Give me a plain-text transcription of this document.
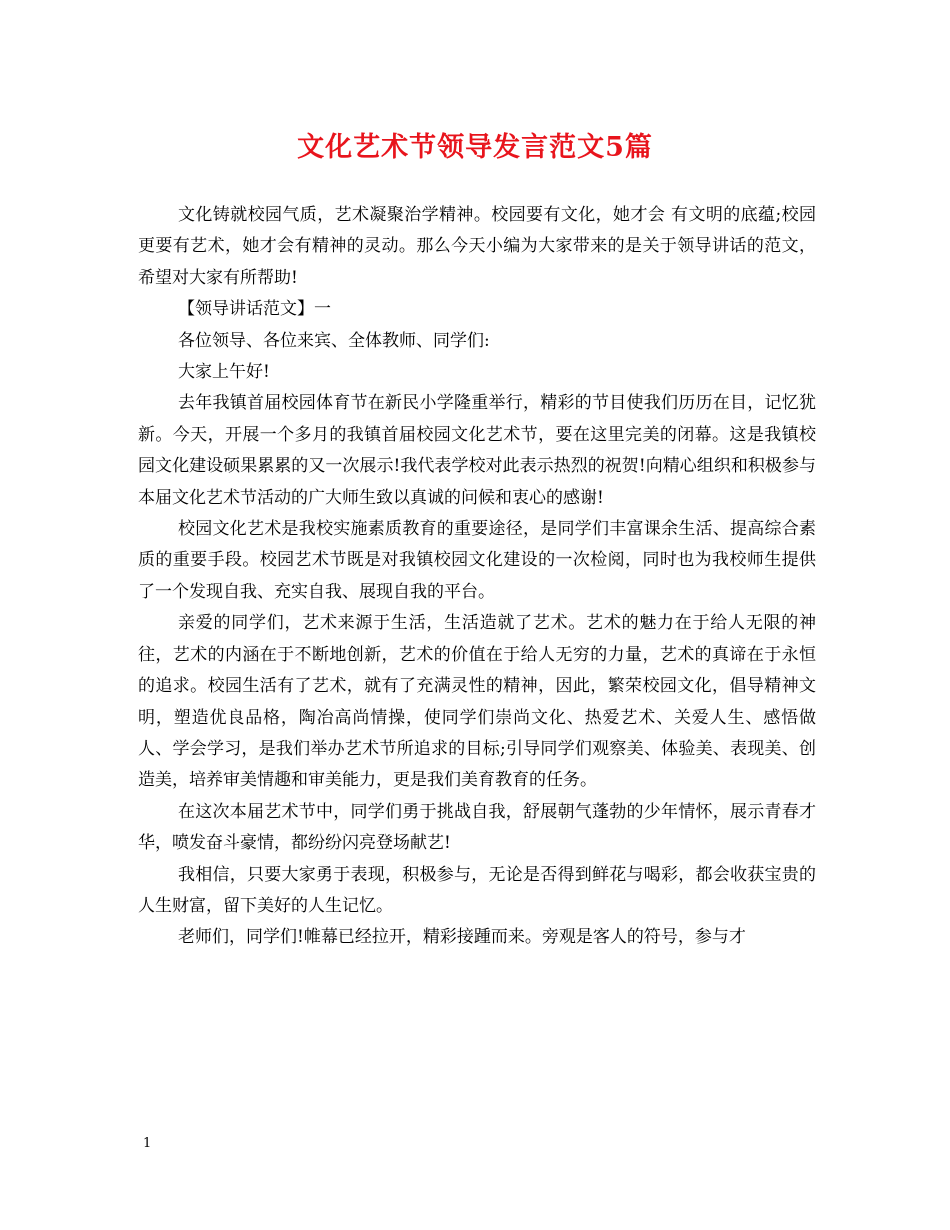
文化艺术节领导发言范文5篇

文化铸就校园气质，艺术凝聚治学精神。校园要有文化，她才会 有文明的底蕴;校园更要有艺术，她才会有精神的灵动。那么今天小编为大家带来的是关于领导讲话的范文，希望对大家有所帮助!

【领导讲话范文】一

各位领导、各位来宾、全体教师、同学们:

大家上午好!

去年我镇首届校园体育节在新民小学隆重举行，精彩的节目使我们历历在目，记忆犹新。今天，开展一个多月的我镇首届校园文化艺术节，要在这里完美的闭幕。这是我镇校园文化建设硕果累累的又一次展示!我代表学校对此表示热烈的祝贺!向精心组织和积极参与本届文化艺术节活动的广大师生致以真诚的问候和衷心的感谢!

校园文化艺术是我校实施素质教育的重要途径，是同学们丰富课余生活、提高综合素质的重要手段。校园艺术节既是对我镇校园文化建设的一次检阅，同时也为我校师生提供了一个发现自我、充实自我、展现自我的平台。

亲爱的同学们，艺术来源于生活，生活造就了艺术。艺术的魅力在于给人无限的神往，艺术的内涵在于不断地创新，艺术的价值在于给人无穷的力量，艺术的真谛在于永恒的追求。校园生活有了艺术，就有了充满灵性的精神，因此，繁荣校园文化，倡导精神文明，塑造优良品格，陶冶高尚情操，使同学们崇尚文化、热爱艺术、关爱人生、感悟做人、学会学习，是我们举办艺术节所追求的目标;引导同学们观察美、体验美、表现美、创造美，培养审美情趣和审美能力，更是我们美育教育的任务。

在这次本届艺术节中，同学们勇于挑战自我，舒展朝气蓬勃的少年情怀，展示青春才华，喷发奋斗豪情，都纷纷闪亮登场献艺!

我相信，只要大家勇于表现，积极参与，无论是否得到鲜花与喝彩，都会收获宝贵的人生财富，留下美好的人生记忆。

老师们，同学们!帷幕已经拉开，精彩接踵而来。旁观是客人的符号，参与才

1
